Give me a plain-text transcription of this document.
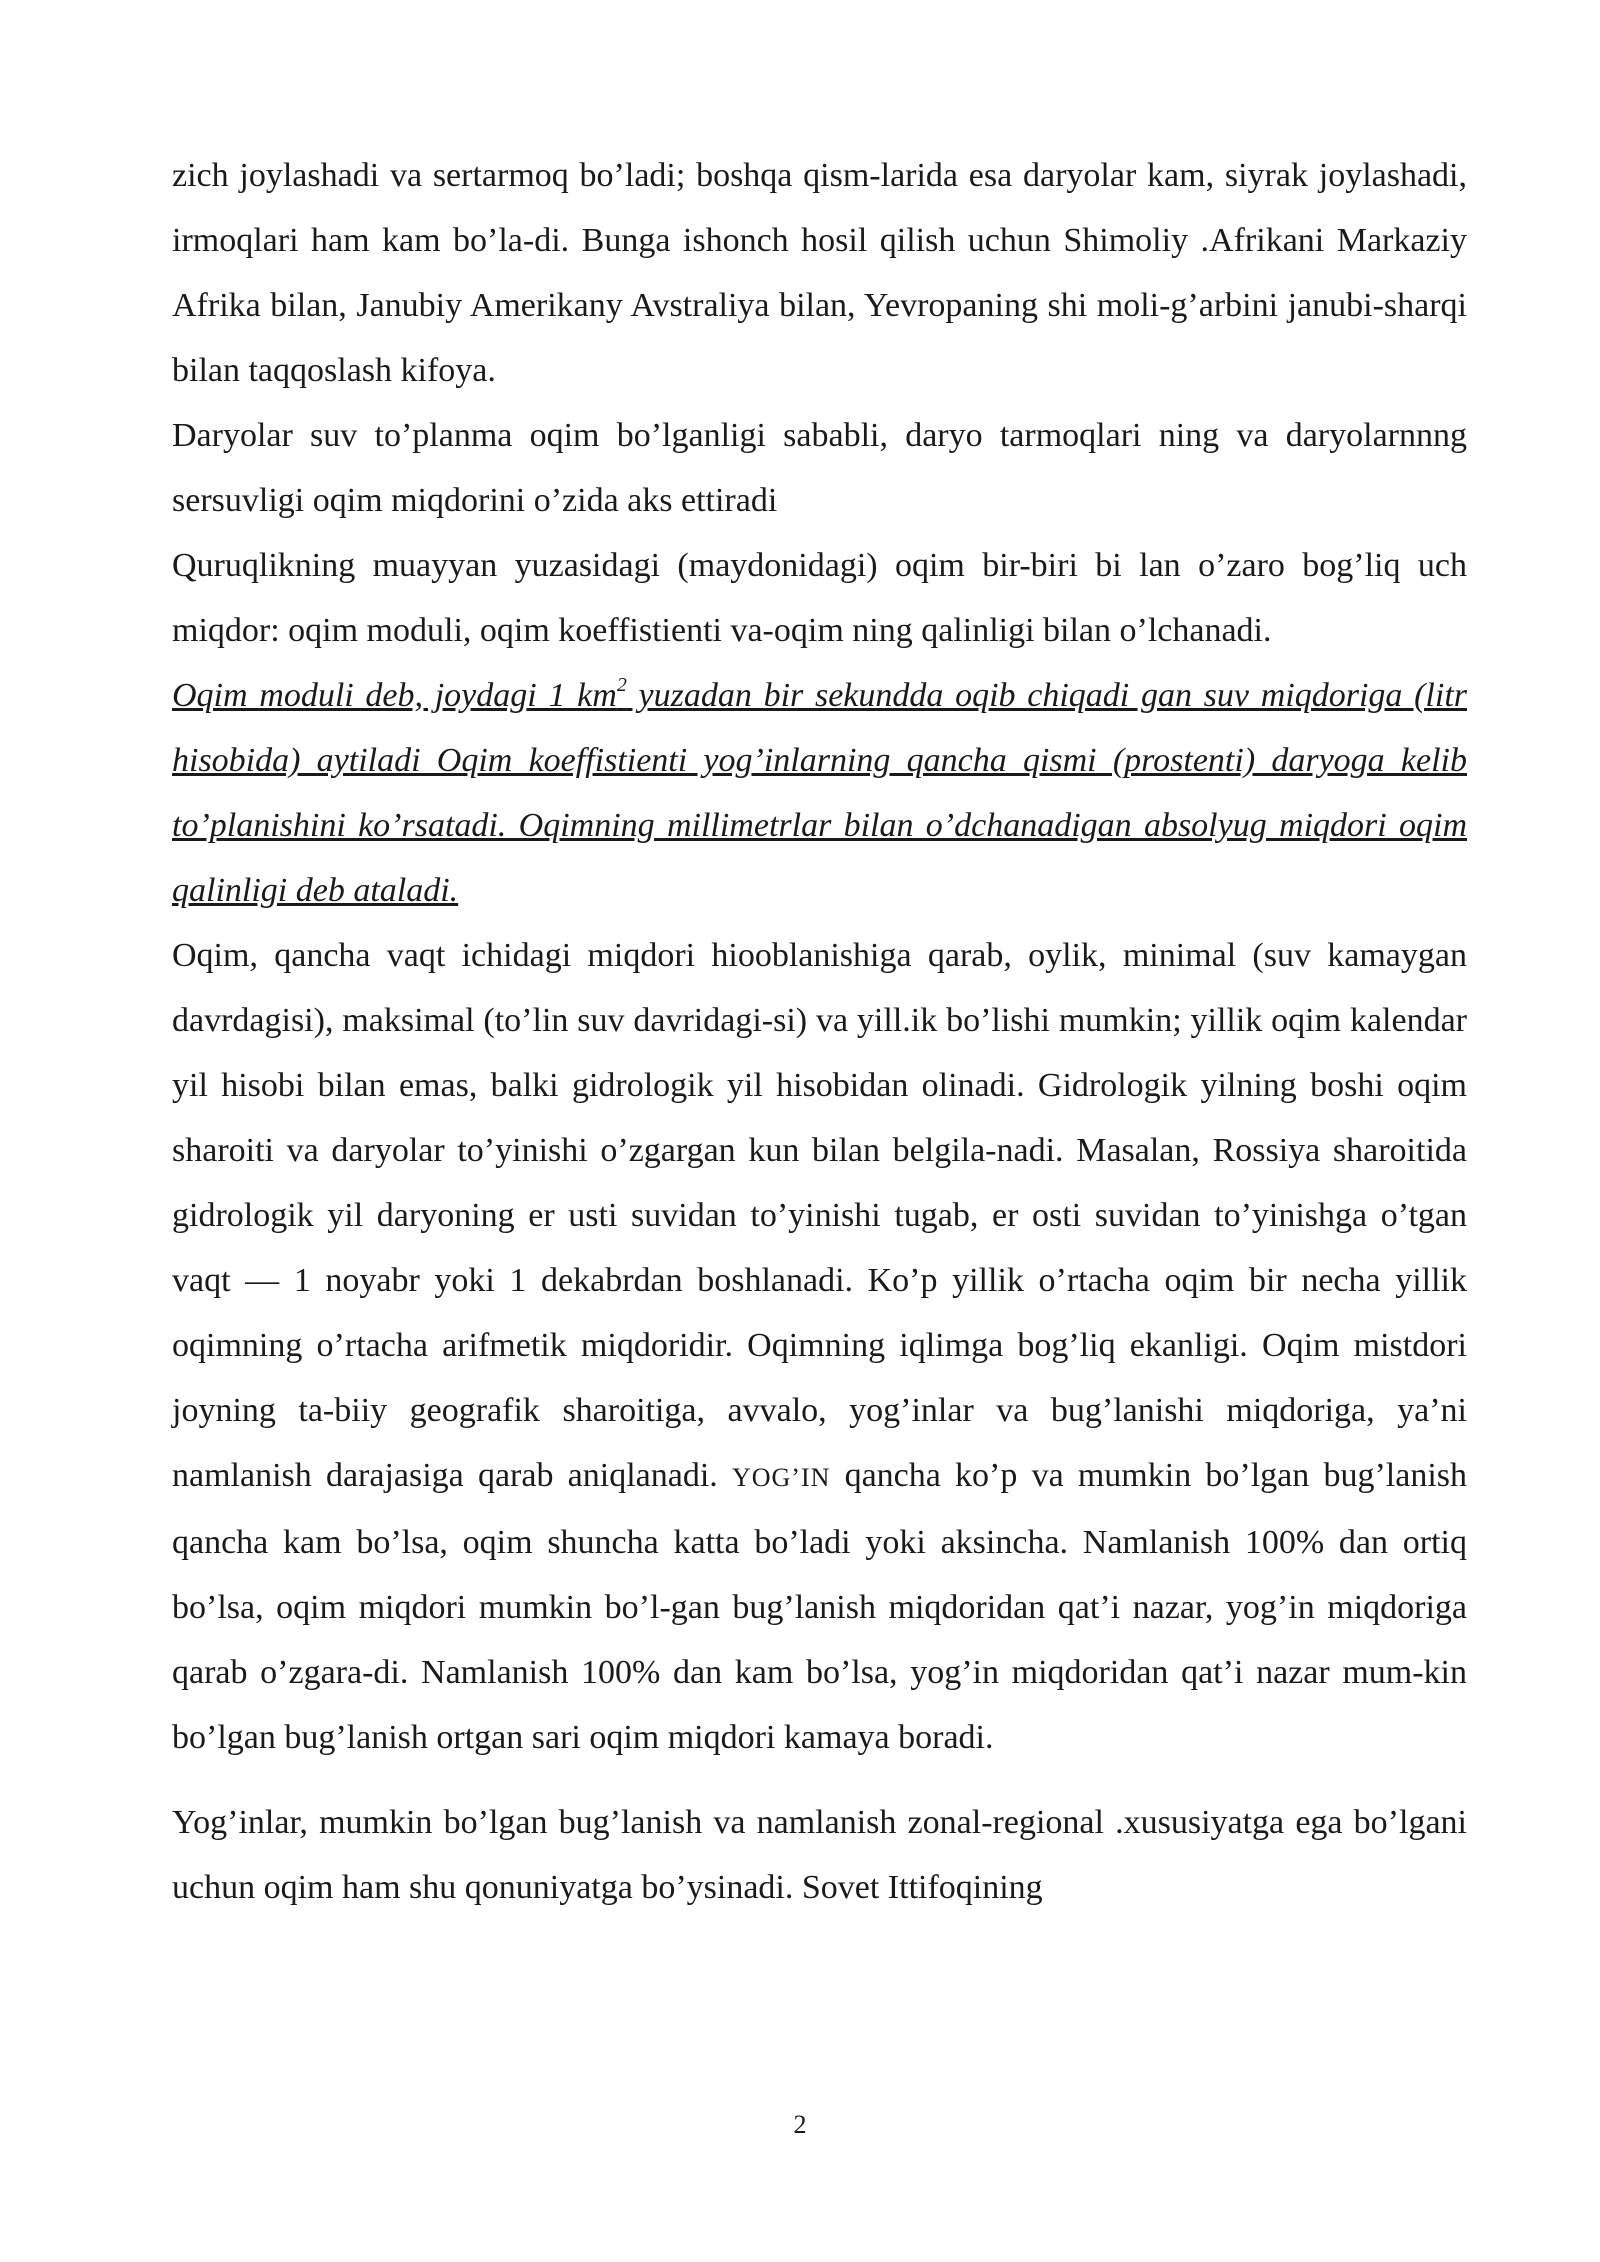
zich joylashadi va sertarmoq bo’ladi; boshqa qism-larida esa daryolar kam, siyrak joylashadi, irmoqlari ham kam bo’la-di. Bunga ishonch hosil qilish uchun Shimoliy .Afrikani Markaziy Afrika bilan, Janubiy Amerikany Avstraliya bilan, Yevropaning shi moli-g’arbini janubi-sharqi bilan taqqoslash kifoya.

Daryolar suv to’planma oqim bo’lganligi sababli, daryo tarmoqlari ning va daryolarnnng sersuvligi oqim miqdorini o’zida aks ettiradi

Quruqlikning muayyan yuzasidagi (maydonidagi) oqim bir-biri bi lan o’zaro bog’liq uch miqdor: oqim moduli, oqim koeffistienti va-oqim ning qalinligi bilan o’lchanadi.

Oqim moduli deb, joydagi 1 $km^2$ yuzadan bir sekundda oqib chiqadi gan suv miqdoriga (litr hisobida) aytiladi Oqim koeffistienti yog’inlarning qancha qismi (prostenti) daryoga kelib to’planishini ko’rsatadi. Oqimning millimetrlar bilan o’dchanadigan absolyug miqdori oqim qalinligi deb ataladi.

Oqim, qancha vaqt ichidagi miqdori hiooblanishiga qarab, oylik, minimal (suv kamaygan davrdagisi), maksimal (to’lin suv davridagi-si) va yill.ik bo’lishi mumkin; yillik oqim kalendar yil hisobi bilan emas, balki gidrologik yil hisobidan olinadi. Gidrologik yilning boshi oqim sharoiti va daryolar to’yinishi o’zgargan kun bilan belgila-nadi. Masalan, Rossiya sharoitida gidrologik yil daryoning er usti suvidan to’yinishi tugab, er osti suvidan to’yinishga o’tgan vaqt — 1 noyabr yoki 1 dekabrdan boshlanadi. Ko’p yillik o’rtacha oqim bir necha yillik oqimning o’rtacha arifmetik miqdoridir. Oqimning iqlimga bog’liq ekanligi. Oqim mistdori joyning ta-biiy geografik sharoitiga, avvalo, yog’inlar va bug’lanishi miqdoriga, ya’ni namlanish darajasiga qarab aniqlanadi. YOG’IN qancha ko’p va mumkin bo’lgan bug’lanish qancha kam bo’lsa, oqim shuncha katta bo’ladi yoki aksincha. Namlanish 100% dan ortiq bo’lsa, oqim miqdori mumkin bo’l-gan bug’lanish miqdoridan qat’i nazar, yog’in miqdoriga qarab o’zgara-di. Namlanish 100% dan kam bo’lsa, yog’in miqdoridan qat’i nazar mum-kin bo’lgan bug’lanish ortgan sari oqim miqdori kamaya boradi.

Yog’inlar, mumkin bo’lgan bug’lanish va namlanish zonal-regional .xususiyatga ega bo’lgani uchun oqim ham shu qonuniyatga bo’ysinadi. Sovet Ittifoqining

2
